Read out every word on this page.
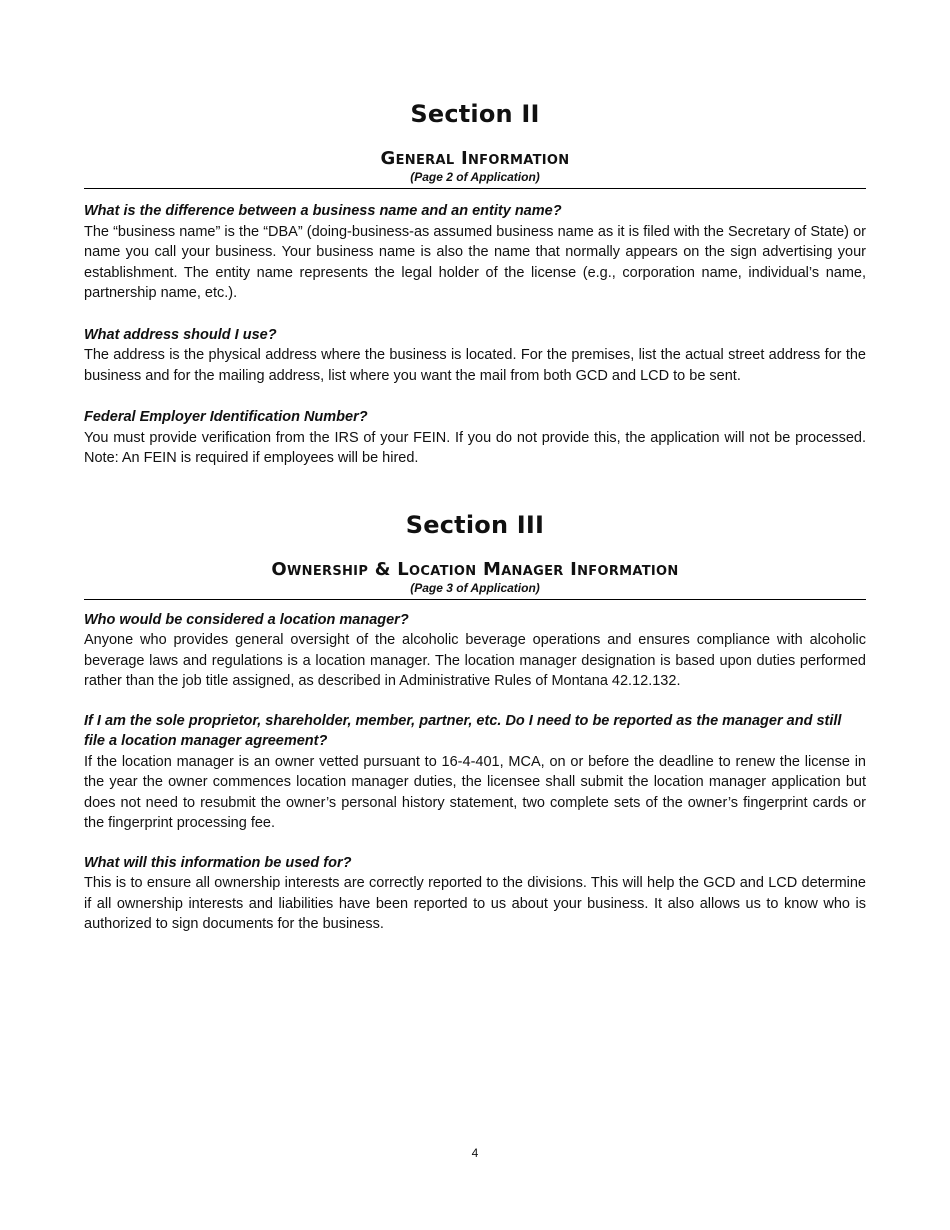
Section II
General Information
(Page 2 of Application)

What is the difference between a business name and an entity name?

The “business name” is the “DBA” (doing-business-as assumed business name as it is filed with the Secretary of State) or name you call your business. Your business name is also the name that normally appears on the sign advertising your establishment. The entity name represents the legal holder of the license (e.g., corporation name, individual’s name, partnership name, etc.).

What address should I use?

The address is the physical address where the business is located. For the premises, list the actual street address for the business and for the mailing address, list where you want the mail from both GCD and LCD to be sent.

Federal Employer Identification Number?

You must provide verification from the IRS of your FEIN. If you do not provide this, the application will not be processed. Note: An FEIN is required if employees will be hired.

Section III
Ownership & Location Manager Information
(Page 3 of Application)

Who would be considered a location manager?

Anyone who provides general oversight of the alcoholic beverage operations and ensures compliance with alcoholic beverage laws and regulations is a location manager. The location manager designation is based upon duties performed rather than the job title assigned, as described in Administrative Rules of Montana 42.12.132.

If I am the sole proprietor, shareholder, member, partner, etc. Do I need to be reported as the manager and still file a location manager agreement?

If the location manager is an owner vetted pursuant to 16-4-401, MCA, on or before the deadline to renew the license in the year the owner commences location manager duties, the licensee shall submit the location manager application but does not need to resubmit the owner’s personal history statement, two complete sets of the owner’s fingerprint cards or the fingerprint processing fee.

What will this information be used for?

This is to ensure all ownership interests are correctly reported to the divisions. This will help the GCD and LCD determine if all ownership interests and liabilities have been reported to us about your business. It also allows us to know who is authorized to sign documents for the business.

4
